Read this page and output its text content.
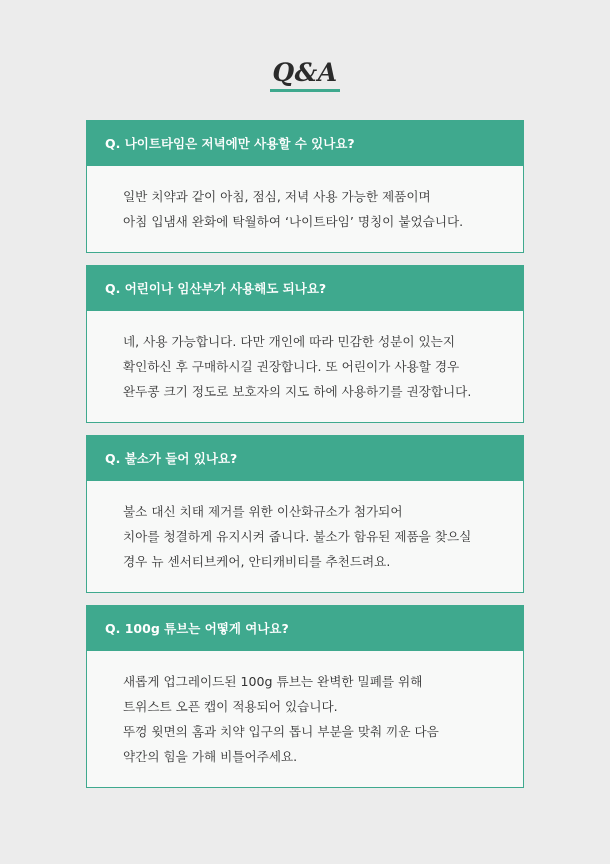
Q&A
Q. 나이트타임은 저녁에만 사용할 수 있나요?
일반 치약과 같이 아침, 점심, 저녁 사용 가능한 제품이며
아침 입냄새 완화에 탁월하여 ‘나이트타임’ 명칭이 붙었습니다.
Q. 어린이나 임산부가 사용해도 되나요?
네, 사용 가능합니다. 다만 개인에 따라 민감한 성분이 있는지
확인하신 후 구매하시길 권장합니다. 또 어린이가 사용할 경우
완두콩 크기 정도로 보호자의 지도 하에 사용하기를 권장합니다.
Q. 불소가 들어 있나요?
불소 대신 치태 제거를 위한 이산화규소가 첨가되어
치아를 청결하게 유지시켜 줍니다. 불소가 함유된 제품을 찾으실
경우 뉴 센서티브케어, 안티캐비티를 추천드려요.
Q. 100g 튜브는 어떻게 여나요?
새롭게 업그레이드된 100g 튜브는 완벽한 밀폐를 위해
트위스트 오픈 캡이 적용되어 있습니다.
뚜껑 윗면의 홈과 치약 입구의 톱니 부분을 맞춰 끼운 다음
약간의 힘을 가해 비틀어주세요.
